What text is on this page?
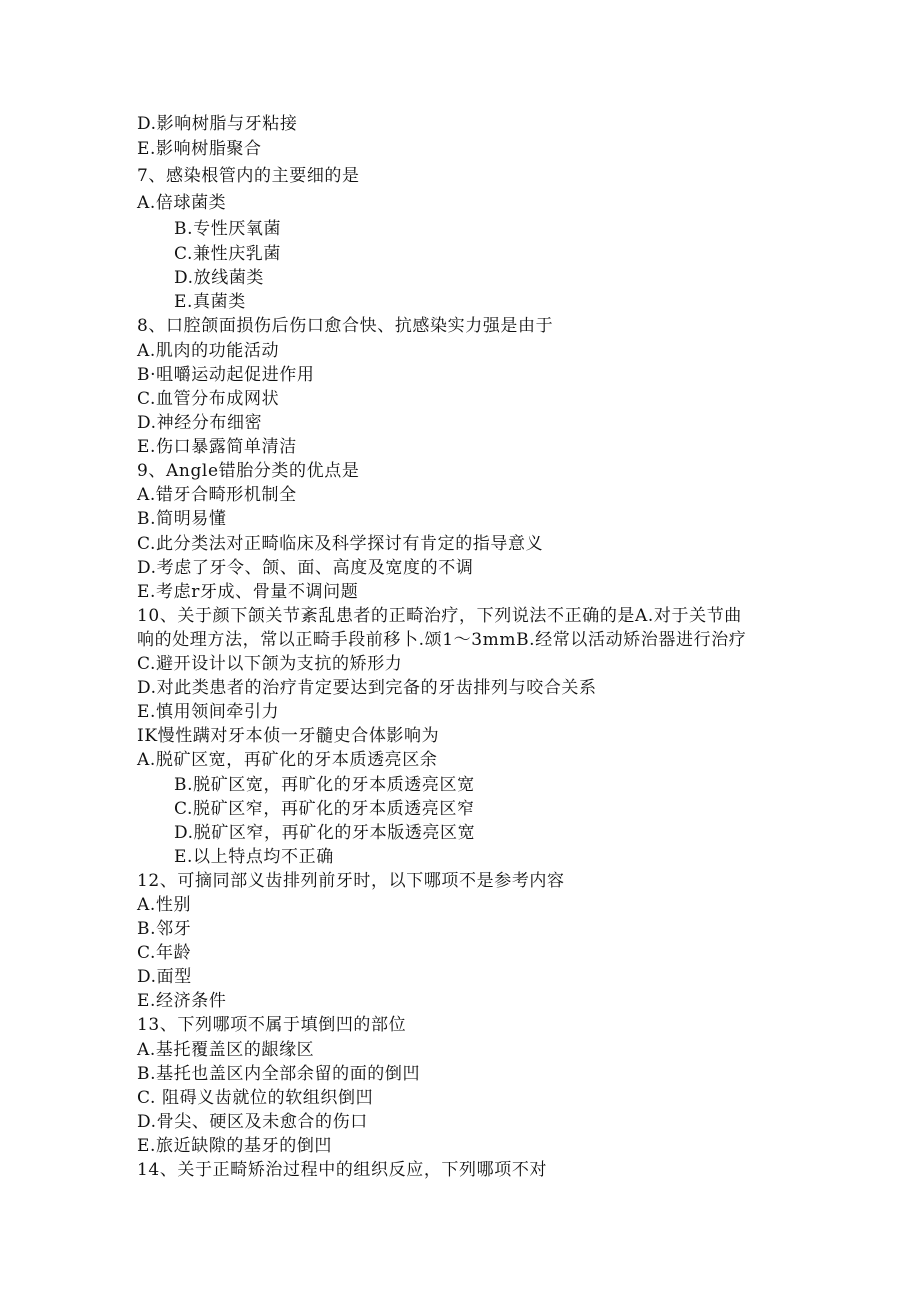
D.影响树脂与牙粘接
E.影响树脂聚合
7、感染根管内的主要细的是
A.倍球菌类
B.专性厌氧菌
C.兼性庆乳菌
D.放线菌类
E.真菌类
8、口腔颌面损伤后伤口愈合快、抗感染实力强是由于
A.肌肉的功能活动
B·咀嚼运动起促进作用
C.血管分布成网状
D.神经分布细密
E.伤口暴露简单清洁
9、Angle错胎分类的优点是
A.错牙合畸形机制全
B.简明易懂
C.此分类法对正畸临床及科学探讨有肯定的指导意义
D.考虑了牙令、颌、面、高度及宽度的不调
E.考虑r牙成、骨量不调问题
10、关于颜下颌关节紊乱患者的正畸治疗，下列说法不正确的是A.对于关节曲
响的处理方法，常以正畸手段前移卜.颂1～3mmB.经常以活动矫治器进行治疗
C.避开设计以下颌为支抗的矫形力
D.对此类患者的治疗肯定要达到完备的牙齿排列与咬合关系
E.慎用领间牵引力
IK慢性蹒对牙本侦一牙髓史合体影响为
A.脱矿区宽，再矿化的牙本质透亮区余
B.脱矿区宽，再旷化的牙本质透亮区宽
C.脱矿区窄，再矿化的牙本质透亮区窄
D.脱矿区窄，再矿化的牙本版透亮区宽
E.以上特点均不正确
12、可摘同部义齿排列前牙时，以下哪项不是参考内容
A.性别
B.邻牙
C.年龄
D.面型
E.经济条件
13、下列哪项不属于填倒凹的部位
A.基托覆盖区的龈缘区
B.基托也盖区内全部余留的面的倒凹
C. 阻碍义齿就位的软组织倒凹
D.骨尖、硬区及未愈合的伤口
E.旅近缺隙的基牙的倒凹
14、关于正畸矫治过程中的组织反应，下列哪项不对
